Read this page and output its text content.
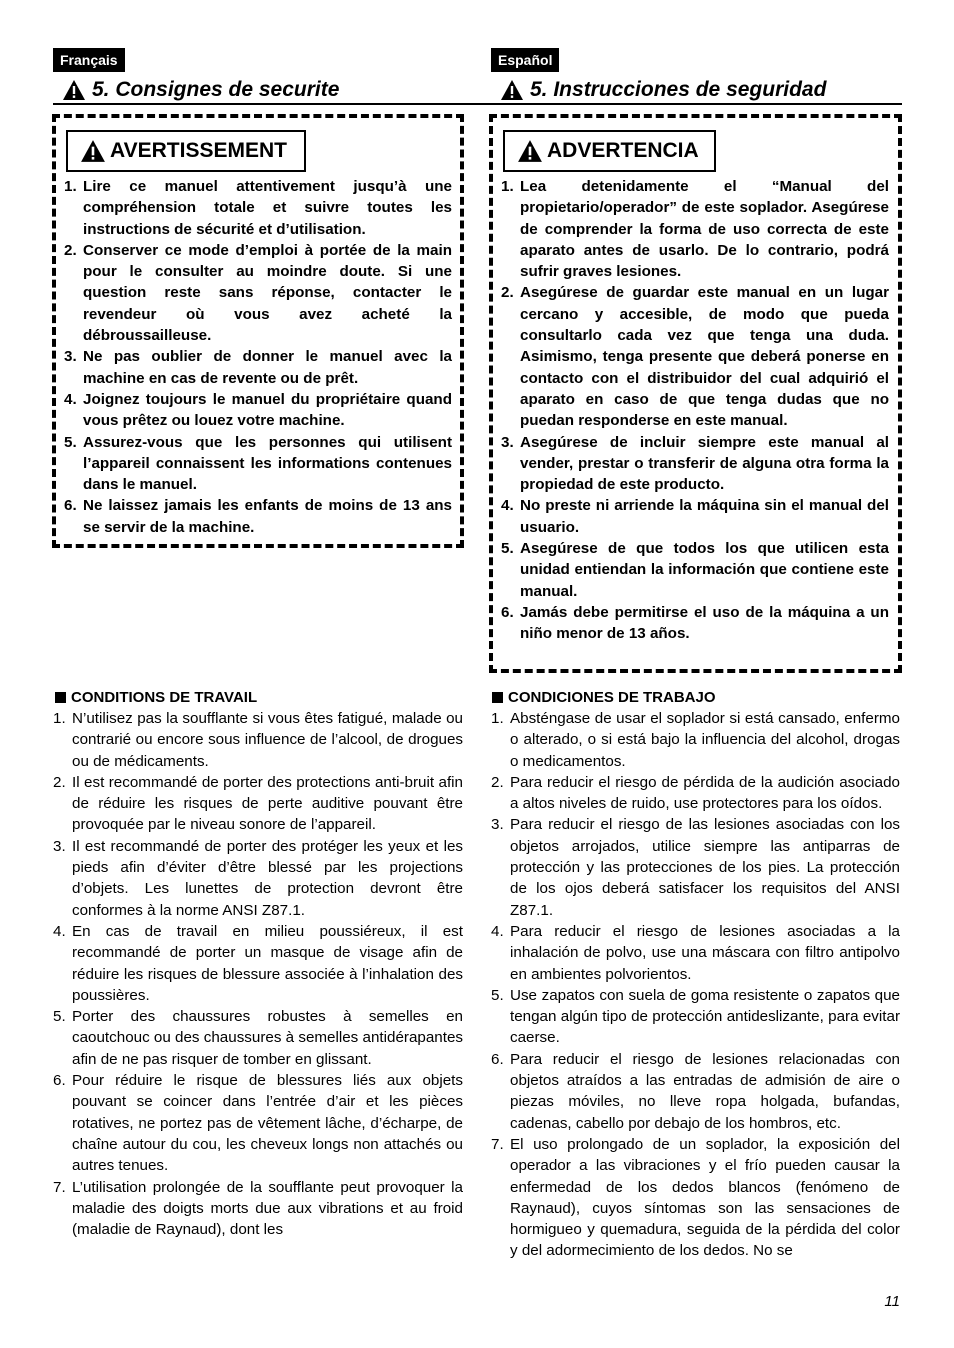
Français
5. Consignes de securite
Español
5. Instrucciones de seguridad
AVERTISSEMENT
1. Lire ce manuel attentivement jusqu’à une compréhension totale et suivre toutes les instructions de sécurité et d’utilisation.
2. Conserver ce mode d’emploi à portée de la main pour le consulter au moindre doute. Si une question reste sans réponse, contacter le revendeur où vous avez acheté la débroussailleuse.
3. Ne pas oublier de donner le manuel avec la machine en cas de revente ou de prêt.
4. Joignez toujours le manuel du propriétaire quand vous prêtez ou louez votre machine.
5. Assurez-vous que les personnes qui utilisent l’appareil connaissent les informations contenues dans le manuel.
6. Ne laissez jamais les enfants de moins de 13 ans se servir de la machine.
ADVERTENCIA
1. Lea detenidamente el “Manual del propietario/operador” de este soplador. Asegúrese de comprender la forma de uso correcta de este aparato antes de usarlo. De lo contrario, podrá sufrir graves lesiones.
2. Asegúrese de guardar este manual en un lugar cercano y accesible, de modo que pueda consultarlo cada vez que tenga una duda. Asimismo, tenga presente que deberá ponerse en contacto con el distribuidor del cual adquirió el aparato en caso de que tenga dudas que no puedan responderse en este manual.
3. Asegúrese de incluir siempre este manual al vender, prestar o transferir de alguna otra forma la propiedad de este producto.
4. No preste ni arriende la máquina sin el manual del usuario.
5. Asegúrese de que todos los que utilicen esta unidad entiendan la información que contiene este manual.
6. Jamás debe permitirse el uso de la máquina a un niño menor de 13 años.
CONDITIONS DE TRAVAIL	CONDICIONES DE TRABAJO
1. N’utilisez pas la soufflante si vous êtes fatigué, malade ou contrarié ou encore sous influence de l’alcool, de drogues ou de médicaments.
2. Il est recommandé de porter des protections anti-bruit afin de réduire les risques de perte auditive pouvant être provoquée par le niveau sonore de l’appareil.
3. Il est recommandé de porter des protéger les yeux et les pieds afin d’éviter d’être blessé par les projections d’objets. Les lunettes de protection devront être conformes à la norme ANSI Z87.1.
4. En cas de travail en milieu poussiéreux, il est recommandé de porter un masque de visage afin de réduire les risques de blessure associée à l’inhalation des poussières.
5. Porter des chaussures robustes à semelles en caoutchouc ou des chaussures à semelles antidérapantes afin de ne pas risquer de tomber en glissant.
6. Pour réduire le risque de blessures liés aux objets pouvant se coincer dans l’entrée d’air et les pièces rotatives, ne portez pas de vêtement lâche, d’écharpe, de chaîne autour du cou, les cheveux longs non attachés ou autres tenues.
7. L’utilisation prolongée de la soufflante peut provoquer la maladie des doigts morts due aux vibrations et au froid (maladie de Raynaud), dont les
1. Absténgase de usar el soplador si está cansado, enfermo o alterado, o si está bajo la influencia del alcohol, drogas o medicamentos.
2. Para reducir el riesgo de pérdida de la audición asociado a altos niveles de ruido, use protectores para los oídos.
3. Para reducir el riesgo de las lesiones asociadas con los objetos arrojados, utilice siempre las antiparras de protección y las protecciones de los pies. La protección de los ojos deberá satisfacer los requisitos del ANSI Z87.1.
4. Para reducir el riesgo de lesiones asociadas a la inhalación de polvo, use una máscara con filtro antipolvo en ambientes polvorientos.
5. Use zapatos con suela de goma resistente o zapatos que tengan algún tipo de protección antideslizante, para evitar caerse.
6. Para reducir el riesgo de lesiones relacionadas con objetos atraídos a las entradas de admisión de aire o piezas móviles, no lleve ropa holgada, bufandas, cadenas, cabello por debajo de los hombros, etc.
7. El uso prolongado de un soplador, la exposición del operador a las vibraciones y el frío pueden causar la enfermedad de los dedos blancos (fenómeno de Raynaud), cuyos síntomas son las sensaciones de hormigueo y quemadura, seguida de la pérdida del color y del adormecimiento de los dedos. No se
11
